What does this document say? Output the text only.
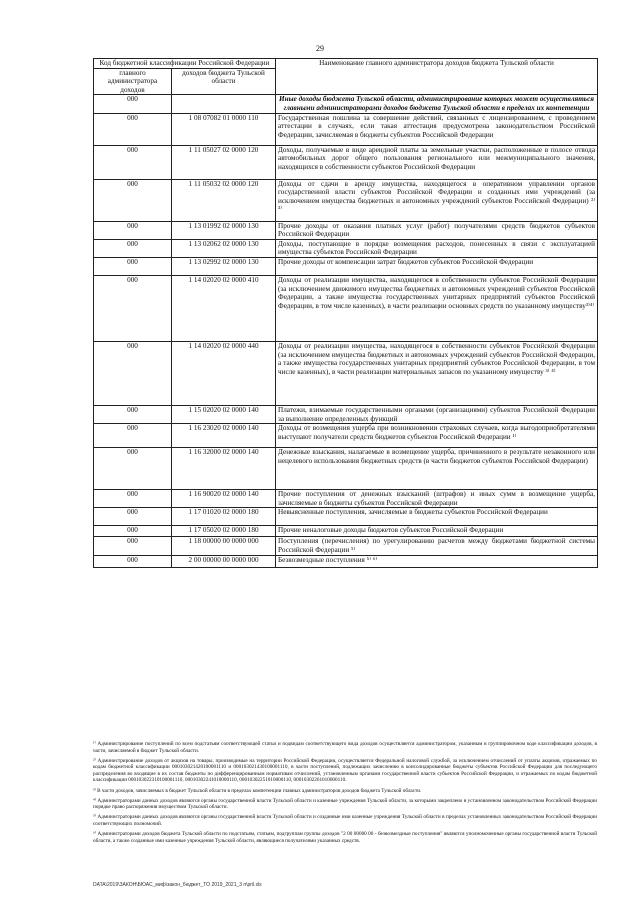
29
Код бюджетной классификации Российской Федерации		Наименование главного администратора доходов бюджета Тульской области
главного администратора доходов	доходов бюджета Тульской области	
000		Иные доходы бюджета Тульской области, администрирование которых может осуществляться главными администраторами доходов бюджета Тульской области в пределах их компетенции
000	1 08 07082 01 0000 110	Государственная пошлина за совершение действий, связанных с лицензированием, с проведением аттестации в случаях, если такая аттестация предусмотрена законодательством Российской Федерации, зачисляемая в бюджеты субъектов Российской Федерации
000	1 11 05027 02 0000 120	Доходы, получаемые в виде арендной платы за земельные участки, расположенные в полосе отвода автомобильных дорог общего пользования регионального или межмуниципального значения, находящихся в собственности субъектов Российской Федерации
000	1 11 05032 02 0000 120	Доходы от сдачи в аренду имущества, находящегося в оперативном управлении органов государственной власти субъектов Российской Федерации и созданных ими учреждений (за исключением имущества бюджетных и автономных учреждений субъектов Российской Федерации) ²⁾ ³⁾
000	1 13 01992 02 0000 130	Прочие доходы от оказания платных услуг (работ) получателями средств бюджетов субъектов Российской Федерации
000	1 13 02062 02 0000 130	Доходы, поступающие в порядке возмещения расходов, понесенных в связи с эксплуатацией имущества субъектов Российской Федерации
000	1 13 02992 02 0000 130	Прочие доходы от компенсации затрат бюджетов субъектов Российской Федерации
000	1 14 02020 02 0000 410	Доходы от реализации имущества, находящегося в собственности субъектов Российской Федерации (за исключением движимого имущества бюджетных и автономных учреждений субъектов Российской Федерации, а также имущества государственных унитарных предприятий субъектов Российской Федерации, в том числе казенных), в части реализации основных средств по указанному имуществу³⁾⁴⁾
000	1 14 02020 02 0000 440	Доходы от реализации имущества, находящегося в собственности субъектов Российской Федерации (за исключением имущества бюджетных и автономных учреждений субъектов Российской Федерации, а также имущества государственных унитарных предприятий субъектов Российской Федерации, в том числе казенных), в части реализации материальных запасов по указанному имуществу ³⁾ ⁴⁾
000	1 15 02020 02 0000 140	Платежи, взимаемые государственными органами (организациями) субъектов Российской Федерации за выполнение определенных функций
000	1 16 23020 02 0000 140	Доходы от возмещения ущерба при возникновении страховых случаев, когда выгодоприобретателями выступают получатели средств бюджетов субъектов Российской Федерации ¹⁾
000	1 16 32000 02 0000 140	Денежные взыскания, налагаемые в возмещение ущерба, причиненного в результате незаконного или нецелевого использования бюджетных средств (в части бюджетов субъектов Российской Федерации)
000	1 16 90020 02 0000 140	Прочие поступления от денежных взысканий (штрафов) и иных сумм в возмещение ущерба, зачисляемые в бюджеты субъектов Российской Федерации
000	1 17 01020 02 0000 180	Невыясненные поступления, зачисляемые в бюджеты субъектов Российской Федерации
000	1 17 05020 02 0000 180	Прочие неналоговые доходы бюджетов субъектов Российской Федерации
000	1 18 00000 00 0000 000	Поступления (перечисления) по урегулированию расчетов между бюджетами бюджетной системы Российской Федерации ⁵⁾
000	2 00 00000 00 0000 000	Безвозмездные поступления ⁵⁾ ⁶⁾

¹⁾ Администрирование поступлений по всем подстатьям соответствующей статьи и подвидам соответствующего вида доходов осуществляется администратором, указанным в группировочном коде классификации доходов, в части, зачисляемой в бюджет Тульской области.

²⁾ Администрирование доходов от акцизов на товары, производимые на территории Российской Федерации, осуществляется Федеральной налоговой службой, за исключением отчислений от уплаты акцизов, отражаемых по кодам бюджетной классификации 000103021420100001110 и 000103021430100001110, в части поступлений, подлежащих зачислению в консолидированные бюджеты субъектов Российской Федерации для последующего распределения во входящие в их состав бюджеты по дифференцированным нормативам отчислений, установленным органами государственной власти субъектов Российской Федерации, и отражаемых по кодам бюджетной классификации 000103022310100001110, 00010302241010000110, 00010302251010000110, 00010302261010000110.

³⁾ В части доходов, зачисляемых в бюджет Тульской области в пределах компетенции главных администраторов доходов бюджета Тульской области.

⁴⁾ Администраторами данных доходов являются органы государственной власти Тульской области и казенные учреждения Тульской области, за которыми закреплено в установленном законодательством Российской Федерации порядке право распоряжения имуществом Тульской области.

⁵⁾ Администраторами данных доходов являются органы государственной власти Тульской области и созданные ими казенные учреждения Тульской области в пределах установленных законодательством Российской Федерации соответствующих полномочий.

⁶⁾ Администраторами доходов бюджета Тульской области по подстатьям, статьям, подгруппам группы доходов "2 00 00000 00 - безвозмездные поступления" являются уполномоченные органы государственной власти Тульской области, а также созданные ими казенные учреждения Тульской области, являющиеся получателями указанных средств.

DATA\2019\ЗАКОН\БЮАС_миф\закон_бюджет_TO 2019_2021_3 п\pril.xls
